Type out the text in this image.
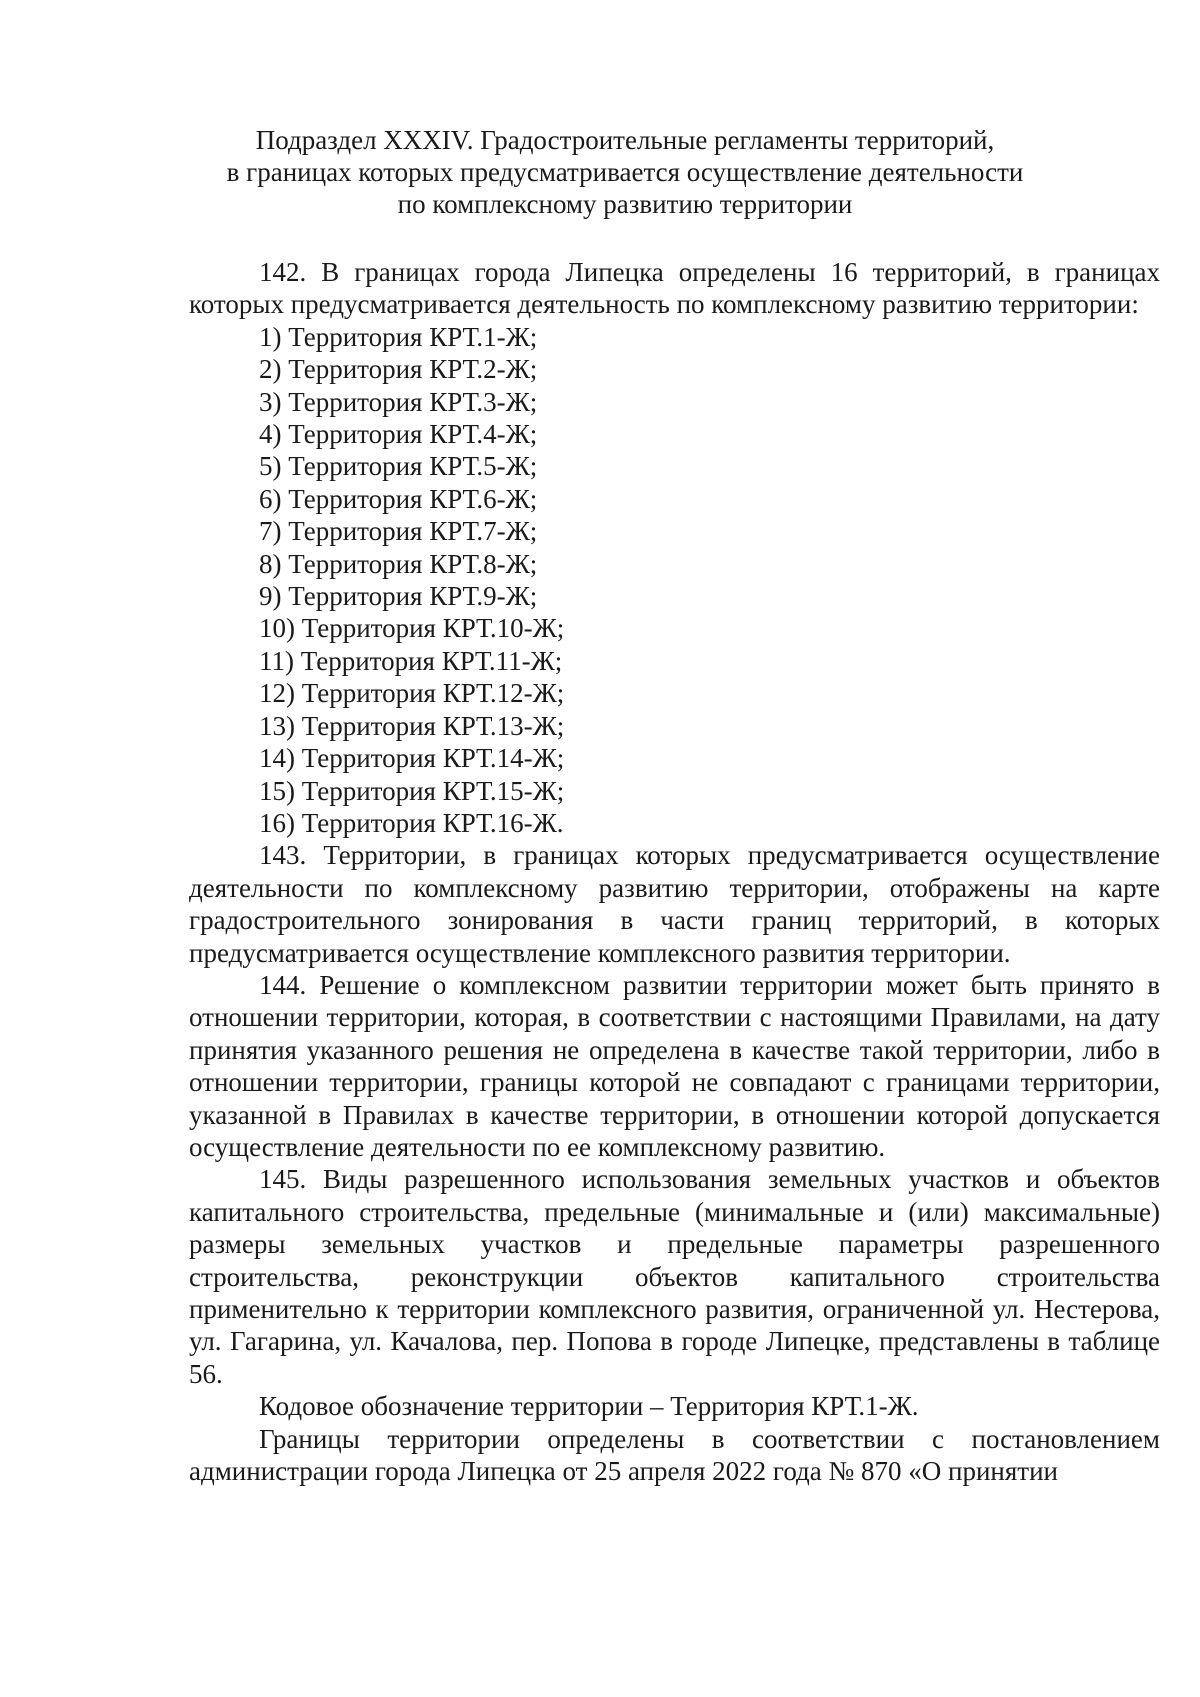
Подраздел XXXIV. Градостроительные регламенты территорий,
в границах которых предусматривается осуществление деятельности
по комплексному развитию территории

142. В границах города Липецка определены 16 территорий, в границах которых предусматривается деятельность по комплексному развитию территории:

1) Территория КРТ.1-Ж;
2) Территория КРТ.2-Ж;
3) Территория КРТ.3-Ж;
4) Территория КРТ.4-Ж;
5) Территория КРТ.5-Ж;
6) Территория КРТ.6-Ж;
7) Территория КРТ.7-Ж;
8) Территория КРТ.8-Ж;
9) Территория КРТ.9-Ж;
10) Территория КРТ.10-Ж;
11) Территория КРТ.11-Ж;
12) Территория КРТ.12-Ж;
13) Территория КРТ.13-Ж;
14) Территория КРТ.14-Ж;
15) Территория КРТ.15-Ж;
16) Территория КРТ.16-Ж.

143. Территории, в границах которых предусматривается осуществление деятельности по комплексному развитию территории, отображены на карте градостроительного зонирования в части границ территорий, в которых предусматривается осуществление комплексного развития территории.

144. Решение о комплексном развитии территории может быть принято в отношении территории, которая, в соответствии с настоящими Правилами, на дату принятия указанного решения не определена в качестве такой территории, либо в отношении территории, границы которой не совпадают с границами территории, указанной в Правилах в качестве территории, в отношении которой допускается осуществление деятельности по ее комплексному развитию.

145. Виды разрешенного использования земельных участков и объектов капитального строительства, предельные (минимальные и (или) максимальные) размеры земельных участков и предельные параметры разрешенного строительства, реконструкции объектов капитального строительства применительно к территории комплексного развития, ограниченной ул. Нестерова, ул. Гагарина, ул. Качалова, пер. Попова в городе Липецке, представлены в таблице 56.

Кодовое обозначение территории – Территория КРТ.1-Ж.

Границы территории определены в соответствии с постановлением администрации города Липецка от 25 апреля 2022 года № 870 «О принятии
